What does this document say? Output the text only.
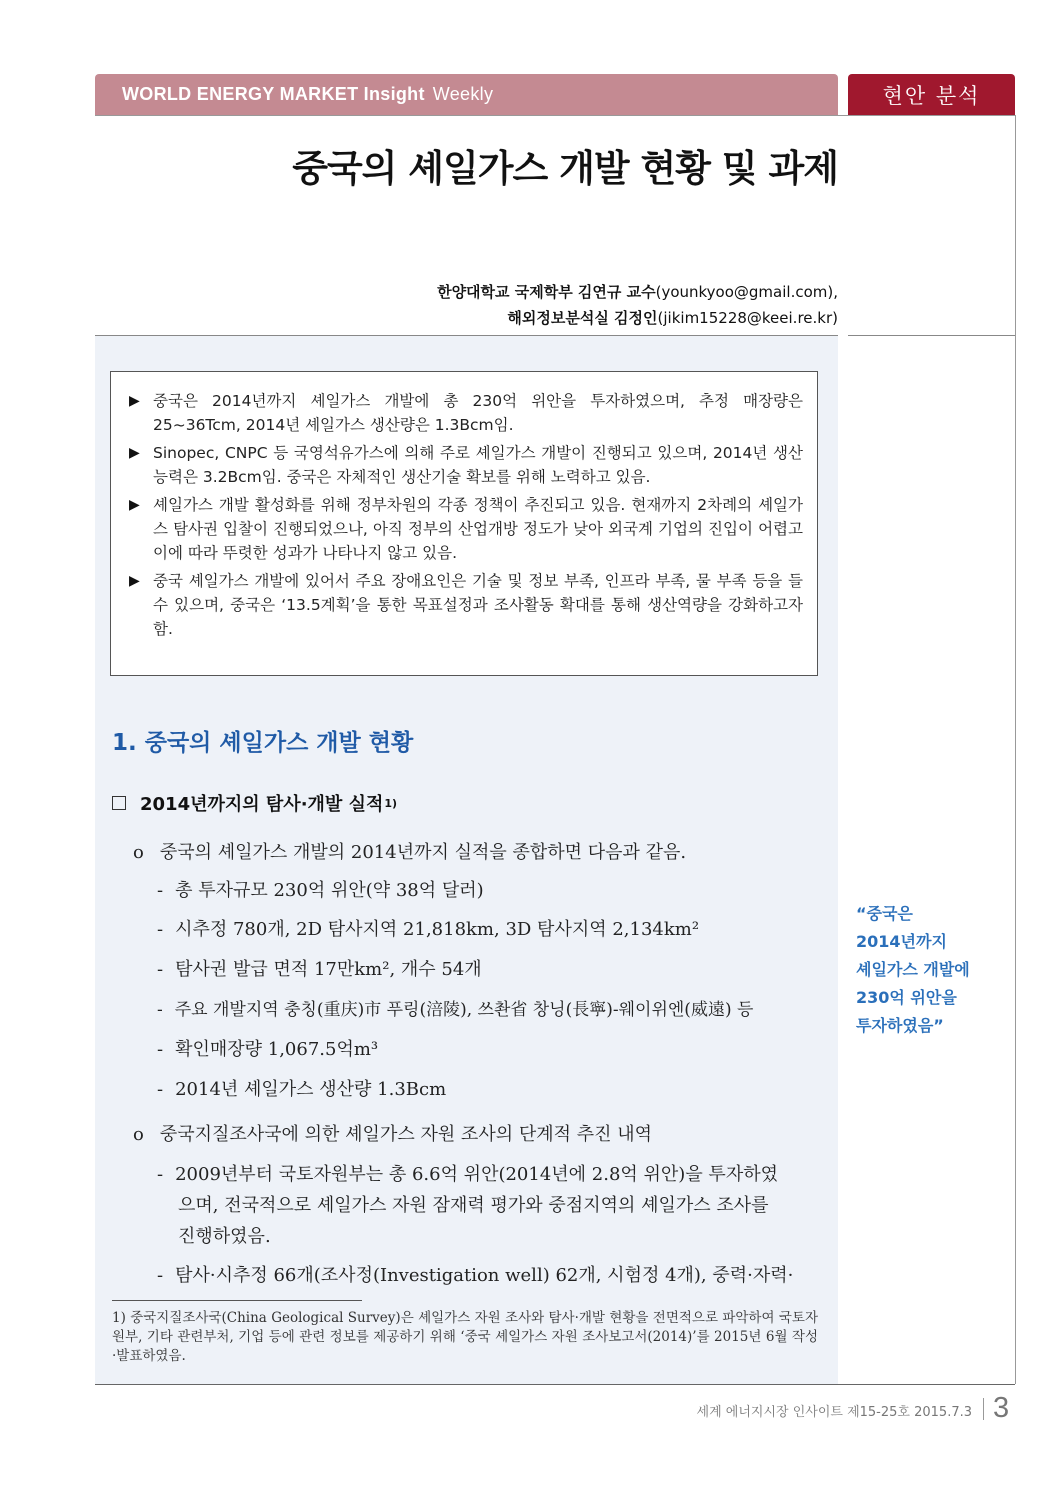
WORLD ENERGY MARKET Insight Weekly	현안 분석
중국의 셰일가스 개발 현황 및 과제
한양대학교 국제학부 김연규 교수(younkyoo@gmail.com),
해외정보분석실 김정인(jikim15228@keei.re.kr)
▶ 중국은 2014년까지 셰일가스 개발에 총 230억 위안을 투자하였으며, 추정 매장량은 25~36Tcm, 2014년 셰일가스 생산량은 1.3Bcm임.
▶ Sinopec, CNPC 등 국영석유가스에 의해 주로 셰일가스 개발이 진행되고 있으며, 2014년 생산능력은 3.2Bcm임. 중국은 자체적인 생산기술 확보를 위해 노력하고 있음.
▶ 셰일가스 개발 활성화를 위해 정부차원의 각종 정책이 추진되고 있음. 현재까지 2차례의 셰일가스 탐사권 입찰이 진행되었으나, 아직 정부의 산업개방 정도가 낮아 외국계 기업의 진입이 어렵고 이에 따라 뚜렷한 성과가 나타나지 않고 있음.
▶ 중국 셰일가스 개발에 있어서 주요 장애요인은 기술 및 정보 부족, 인프라 부족, 물 부족 등을 들 수 있으며, 중국은 ‘13.5계획’을 통한 목표설정과 조사활동 확대를 통해 생산역량을 강화하고자 함.
1. 중국의 셰일가스 개발 현황
2014년까지의 탐사·개발 실적 1)
ο 중국의 셰일가스 개발의 2014년까지 실적을 종합하면 다음과 같음.
- 총 투자규모 230억 위안(약 38억 달러)
- 시추정 780개, 2D 탐사지역 21,818km, 3D 탐사지역 2,134km²
- 탐사권 발급 면적 17만km², 개수 54개
- 주요 개발지역 충칭(重庆)市 푸링(涪陵), 쓰촨省 창닝(長寧)-웨이위엔(威遠) 등
- 확인매장량 1,067.5억m³
- 2014년 셰일가스 생산량 1.3Bcm
ο 중국지질조사국에 의한 셰일가스 자원 조사의 단계적 추진 내역
- 2009년부터 국토자원부는 총 6.6억 위안(2014년에 2.8억 위안)을 투자하였
으며, 전국적으로 셰일가스 자원 잠재력 평가와 중점지역의 셰일가스 조사를
진행하였음.
- 탐사·시추정 66개(조사정(Investigation well) 62개, 시험정 4개), 중력·자력·
1) 중국지질조사국(China Geological Survey)은 셰일가스 자원 조사와 탐사·개발 현황을 전면적으로 파악하여 국토자원부, 기타 관련부처, 기업 등에 관련 정보를 제공하기 위해 ‘중국 셰일가스 자원 조사보고서(2014)’를 2015년 6월 작성·발표하였음.
“중국은
2014년까지
셰일가스 개발에
230억 위안을
투자하였음”
세계 에너지시장 인사이트 제15-25호 2015.7.3 3
